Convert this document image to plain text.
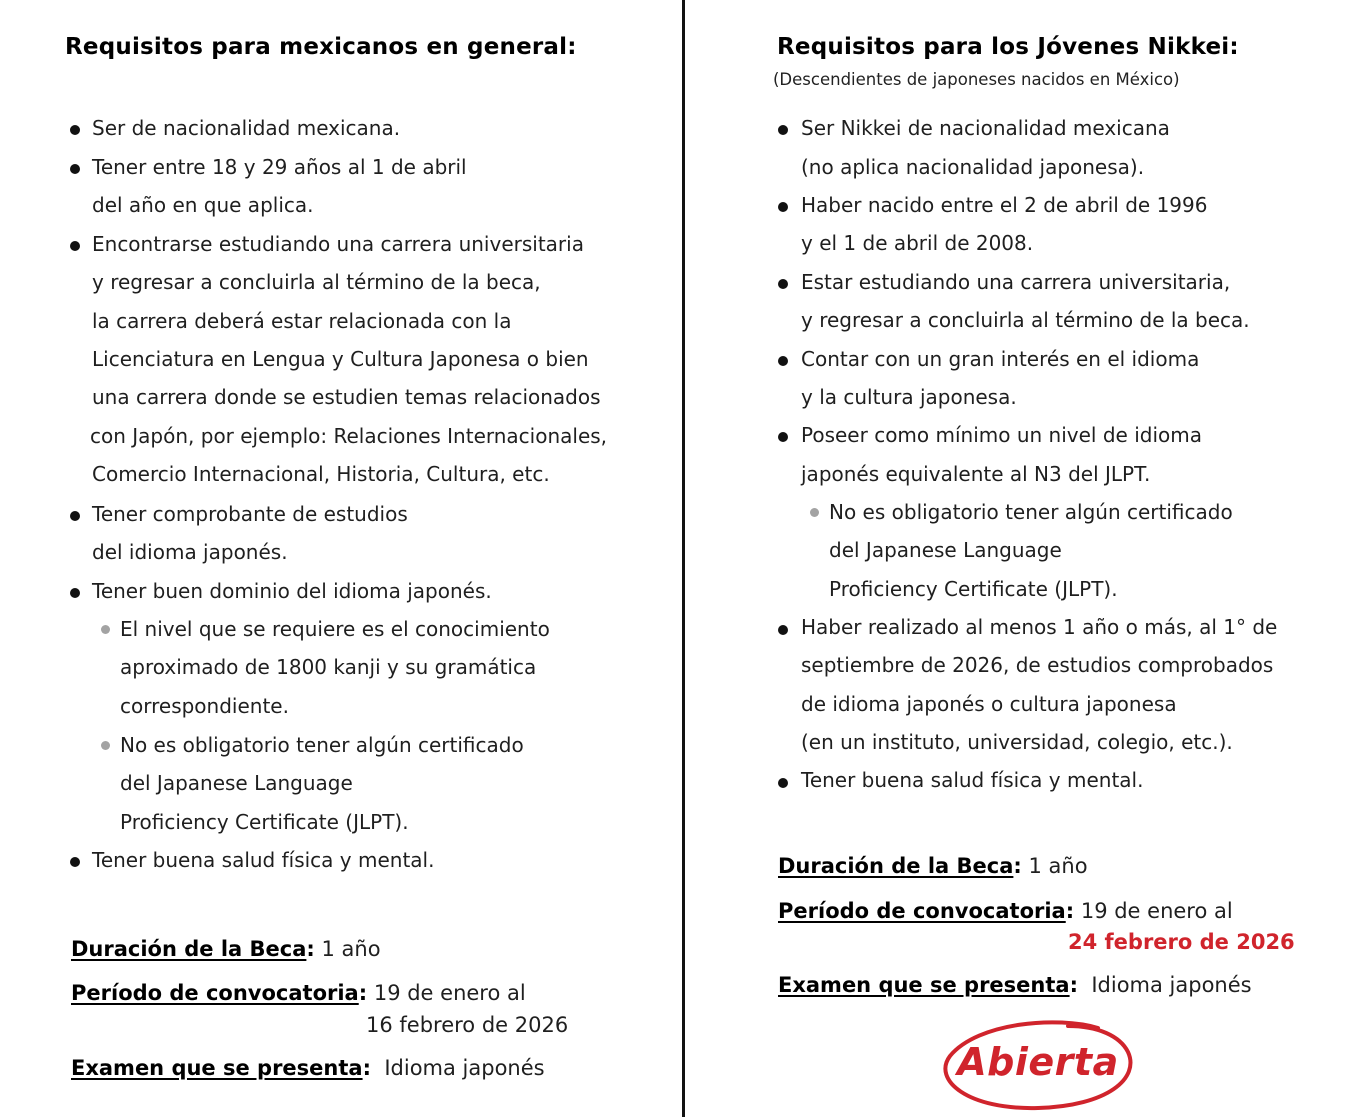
Requisitos para mexicanos en general:
Ser de nacionalidad mexicana.
Tener entre 18 y 29 años al 1 de abril
del año en que aplica.
Encontrarse estudiando una carrera universitaria
y regresar a concluirla al término de la beca,
la carrera deberá estar relacionada con la
Licenciatura en Lengua y Cultura Japonesa o bien
una carrera donde se estudien temas relacionados
con Japón, por ejemplo: Relaciones Internacionales,
Comercio Internacional, Historia, Cultura, etc.
Tener comprobante de estudios
del idioma japonés.
Tener buen dominio del idioma japonés.
El nivel que se requiere es el conocimiento
aproximado de 1800 kanji y su gramática
correspondiente.
No es obligatorio tener algún certificado
del Japanese Language
Proficiency Certificate (JLPT).
Tener buena salud física y mental.
Duración de la Beca: 1 año
Período de convocatoria: 19 de enero al
16 febrero de 2026
Examen que se presenta: Idioma japonés
Requisitos para los Jóvenes Nikkei:
(Descendientes de japoneses nacidos en México)
Ser Nikkei de nacionalidad mexicana
(no aplica nacionalidad japonesa).
Haber nacido entre el 2 de abril de 1996
y el 1 de abril de 2008.
Estar estudiando una carrera universitaria,
y regresar a concluirla al término de la beca.
Contar con un gran interés en el idioma
y la cultura japonesa.
Poseer como mínimo un nivel de idioma
japonés equivalente al N3 del JLPT.
No es obligatorio tener algún certificado
del Japanese Language
Proficiency Certificate (JLPT).
Haber realizado al menos 1 año o más, al 1° de
septiembre de 2026, de estudios comprobados
de idioma japonés o cultura japonesa
(en un instituto, universidad, colegio, etc.).
Tener buena salud física y mental.
Duración de la Beca: 1 año
Período de convocatoria: 19 de enero al
24 febrero de 2026
Examen que se presenta: Idioma japonés
Abierta
